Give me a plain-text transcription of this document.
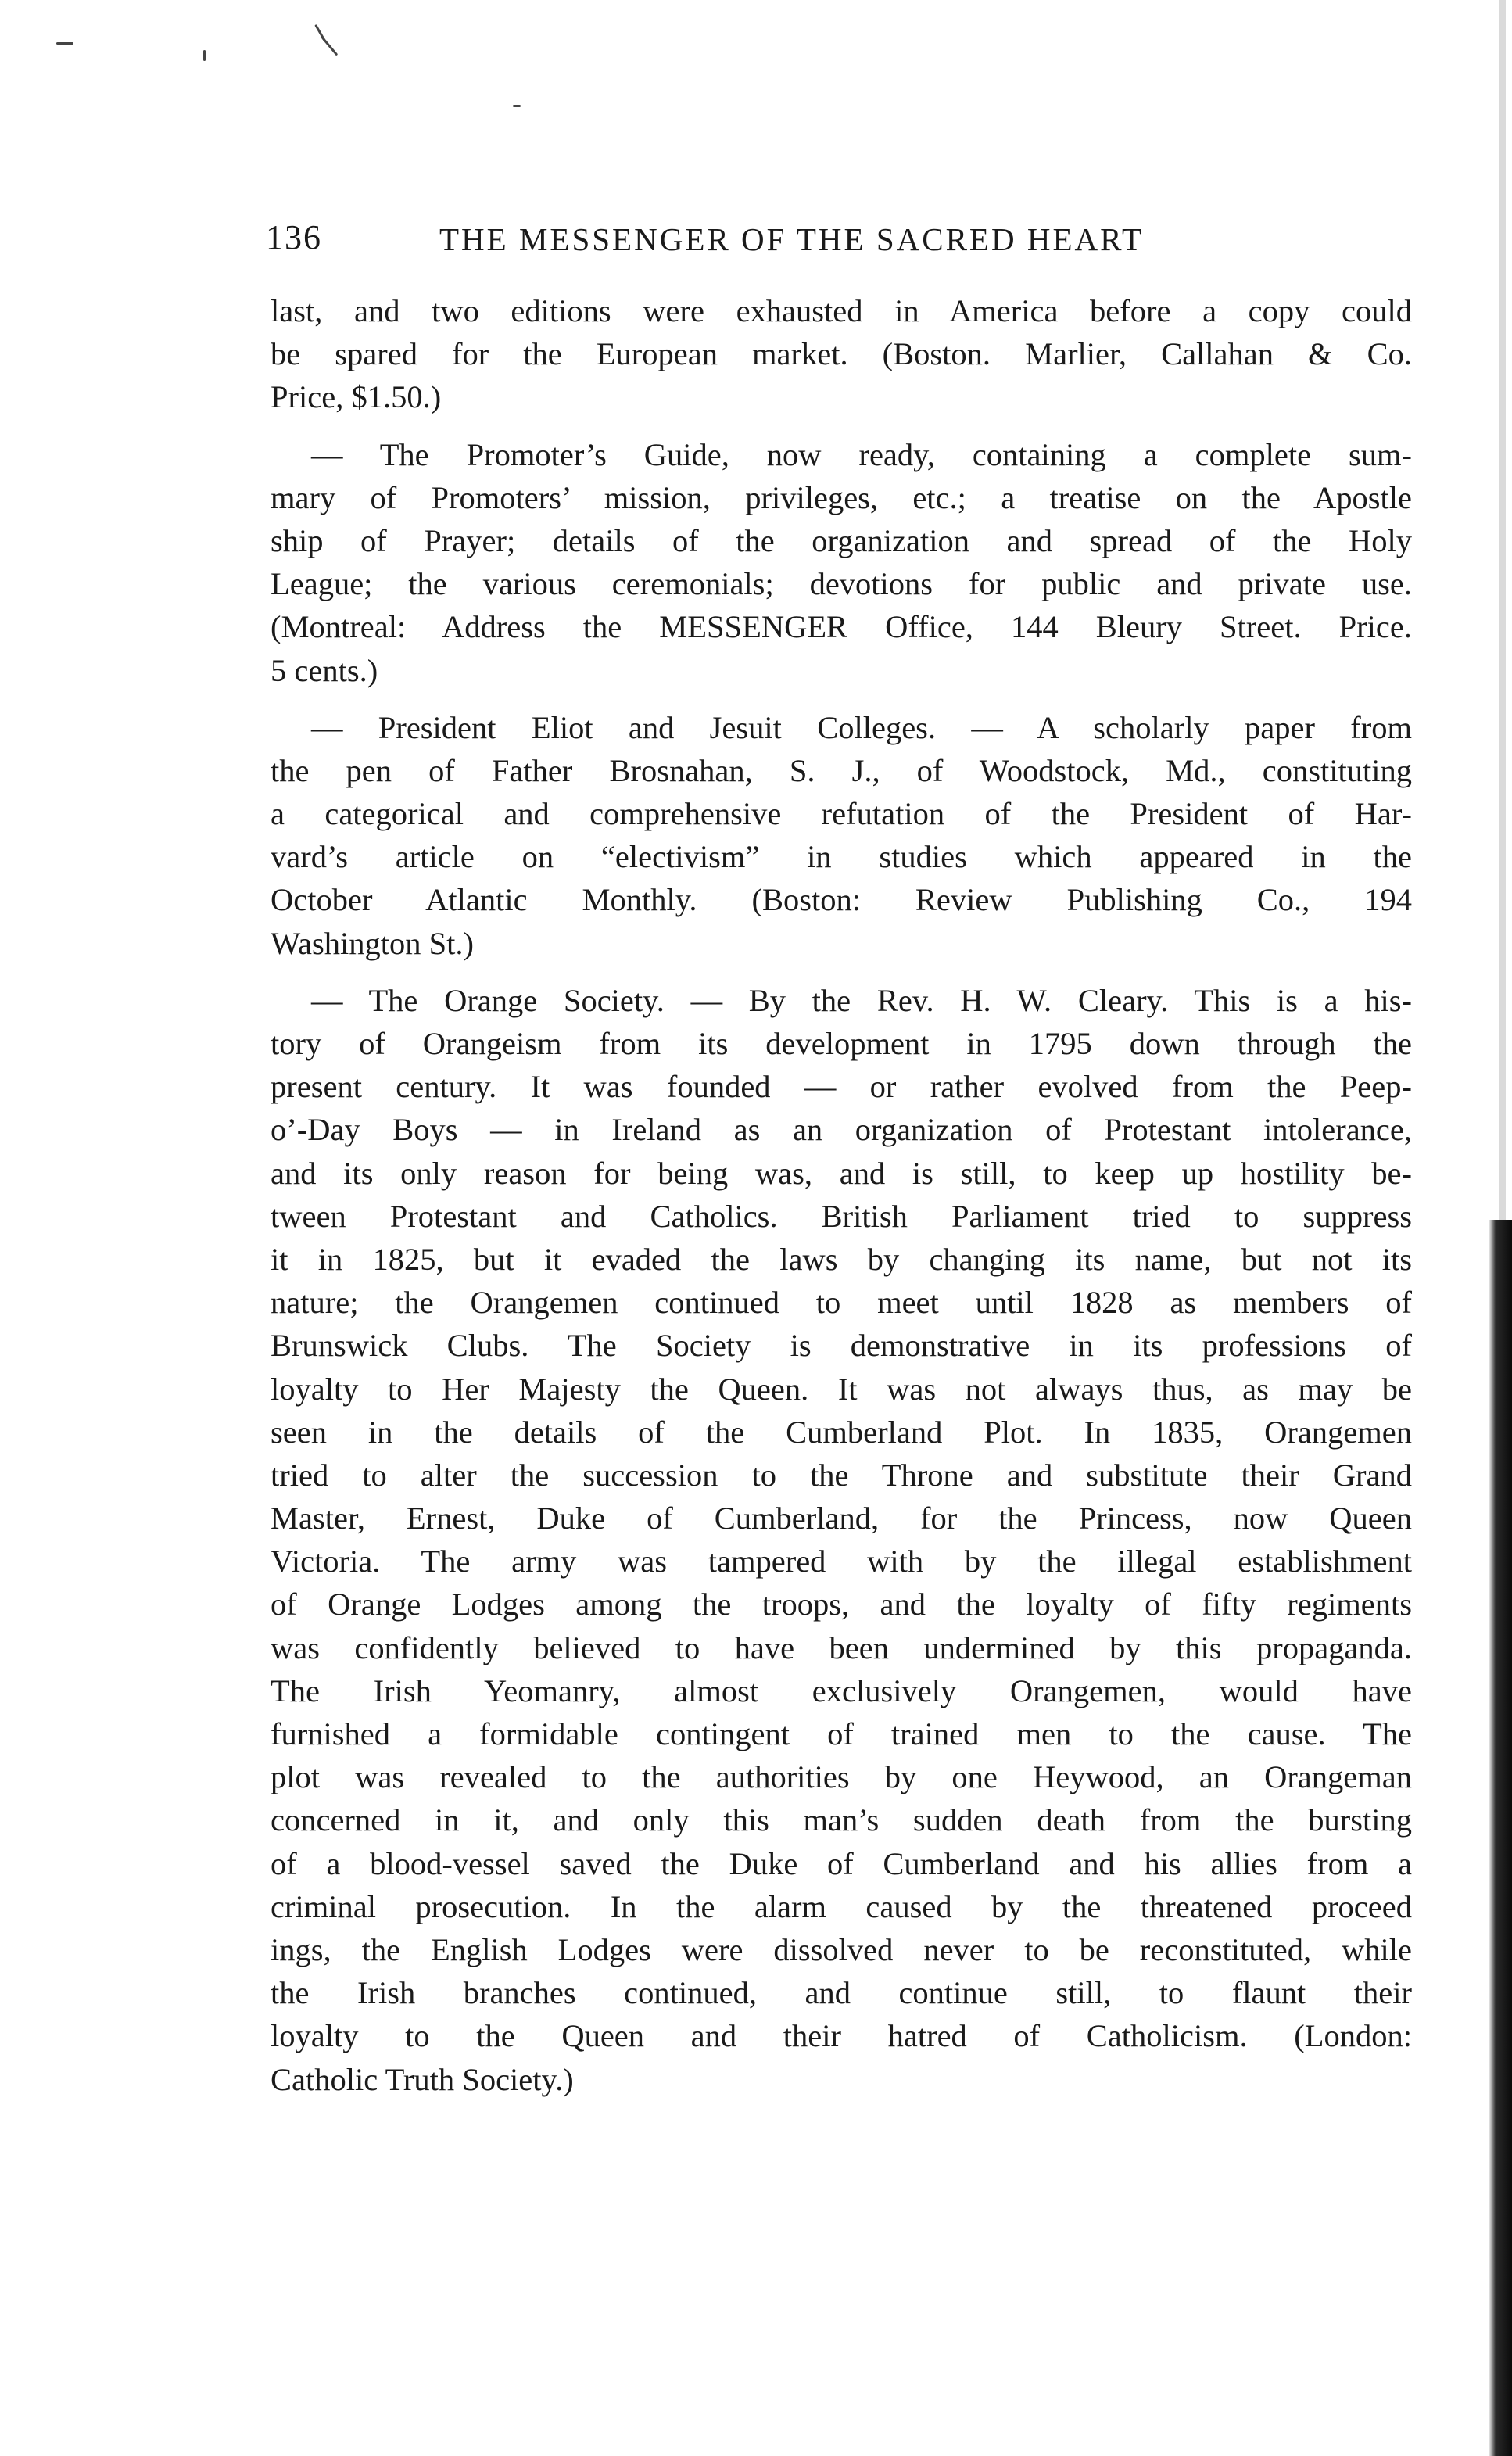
136	THE MESSENGER OF THE SACRED HEART
last, and two editions were exhausted in America before a copy could
be spared for the European market. (Boston. Marlier, Callahan & Co.
Price, $1.50.)
— The Promoter’s Guide, now ready, containing a complete sum-
mary of Promoters’ mission, privileges, etc.; a treatise on the Apostle
ship of Prayer; details of the organization and spread of the Holy
League; the various ceremonials; devotions for public and private use.
(Montreal: Address the MESSENGER Office, 144 Bleury Street. Price.
5 cents.)
— President Eliot and Jesuit Colleges. — A scholarly paper from
the pen of Father Brosnahan, S. J., of Woodstock, Md., constituting
a categorical and comprehensive refutation of the President of Har-
vard’s article on “electivism” in studies which appeared in the
October Atlantic Monthly. (Boston: Review Publishing Co., 194
Washington St.)
— The Orange Society. — By the Rev. H. W. Cleary. This is a his-
tory of Orangeism from its development in 1795 down through the
present century. It was founded — or rather evolved from the Peep-
o’-Day Boys — in Ireland as an organization of Protestant intolerance,
and its only reason for being was, and is still, to keep up hostility be-
tween Protestant and Catholics. British Parliament tried to suppress
it in 1825, but it evaded the laws by changing its name, but not its
nature; the Orangemen continued to meet until 1828 as members of
Brunswick Clubs. The Society is demonstrative in its professions of
loyalty to Her Majesty the Queen. It was not always thus, as may be
seen in the details of the Cumberland Plot. In 1835, Orangemen
tried to alter the succession to the Throne and substitute their Grand
Master, Ernest, Duke of Cumberland, for the Princess, now Queen
Victoria. The army was tampered with by the illegal establishment
of Orange Lodges among the troops, and the loyalty of fifty regiments
was confidently believed to have been undermined by this propaganda.
The Irish Yeomanry, almost exclusively Orangemen, would have
furnished a formidable contingent of trained men to the cause. The
plot was revealed to the authorities by one Heywood, an Orangeman
concerned in it, and only this man’s sudden death from the bursting
of a blood-vessel saved the Duke of Cumberland and his allies from a
criminal prosecution. In the alarm caused by the threatened proceed
ings, the English Lodges were dissolved never to be reconstituted, while
the Irish branches continued, and continue still, to flaunt their
loyalty to the Queen and their hatred of Catholicism. (London:
Catholic Truth Society.)
